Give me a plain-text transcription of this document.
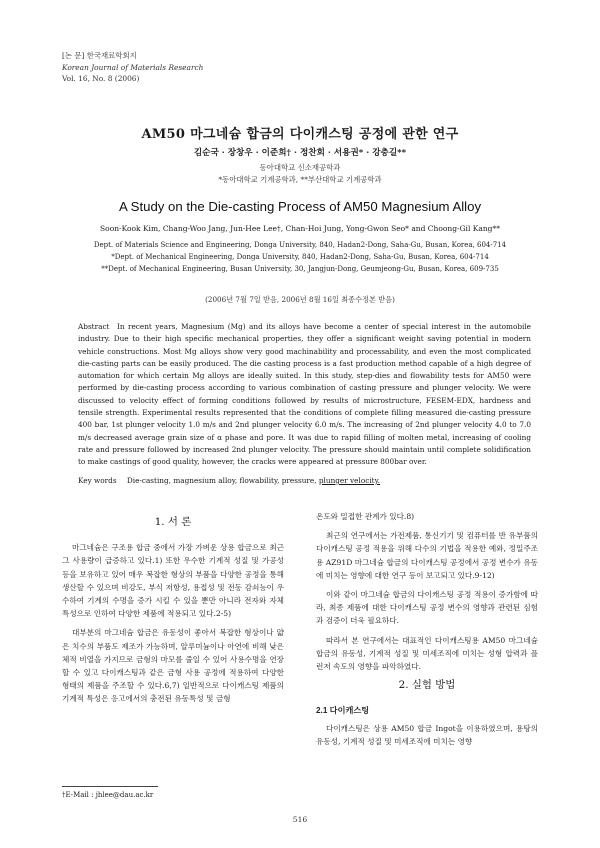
[논 문] 한국재료학회지
Korean Journal of Materials Research
Vol. 16, No. 8 (2006)
AM50 마그네슘 합금의 다이캐스팅 공정에 관한 연구
김순국 · 장창우 · 이준희† · 정찬회 · 서용권* · 강충길**
동아대학교 신소재공학과
*동아대학교 기계공학과, **부산대학교 기계공학과
A Study on the Die-casting Process of AM50 Magnesium Alloy
Soon-Kook Kim, Chang-Woo Jang, Jun-Hee Lee†, Chan-Hoi Jung, Yong-Gwon Seo* and Choong-Gil Kang**
Dept. of Materials Science and Engineering, Donga University, 840, Hadan2-Dong, Saha-Gu, Busan, Korea, 604-714
*Dept. of Mechanical Engineering, Donga University, 840, Hadan2-Dong, Saha-Gu, Busan, Korea, 604-714
**Dept. of Mechanical Engineering, Busan University, 30, Jangjun-Dong, Geumjeong-Gu, Busan, Korea, 609-735
(2006년 7월 7일 받음, 2006년 8월 16일 최종수정본 받음)
Abstract In recent years, Magnesium (Mg) and its alloys have become a center of special interest in the automobile industry. Due to their high specific mechanical properties, they offer a significant weight saving potential in modern vehicle constructions. Most Mg alloys show very good machinability and processability, and even the most complicated die-casting parts can be easily produced. The die casting process is a fast production method capable of a high degree of automation for which certain Mg alloys are ideally suited. In this study, step-dies and flowability tests for AM50 were performed by die-casting process according to various combination of casting pressure and plunger velocity. We were discussed to velocity effect of forming conditions followed by results of microstructure, FESEM-EDX, hardness and tensile strength. Experimental results represented that the conditions of complete filling measured die-casting pressure 400 bar, 1st plunger velocity 1.0 m/s and 2nd plunger velocity 6.0 m/s. The increasing of 2nd plunger velocity 4.0 to 7.0 m/s decreased average grain size of α phase and pore. It was due to rapid filling of molten metal, increasing of cooling rate and pressure followed by increased 2nd plunger velocity. The pressure should maintain until complete solidification to make castings of good quality, however, the cracks were appeared at pressure 800bar over.
Key words Die-casting, magnesium alloy, flowability, pressure, plunger velocity.
1. 서 론

마그네슘은 구조용 합금 중에서 가장 가벼운 상용 합금으로 최근 그 사용량이 급증하고 있다.1) 또한 우수한 기계적 성질 및 가공성 등을 보유하고 있어 매우 복잡한 형상의 부품을 다양한 공정을 통해 생산할 수 있으며 비강도, 부식 저항성, 용접성 및 전동 감쇠능이 우수하여 기계의 수명을 증가 시킬 수 있을 뿐만 아니라 전자와 자체특성으로 인하여 다양한 제품에 적용되고 있다.2-5)

대부분의 마그네슘 합금은 유동성이 좋아서 복잡한 형상이나 얇은 치수의 부품도 제조가 가능하며, 알루미늄이나 아연에 비해 낮은 체적 비열을 가지므로 금형의 마모를 줄일 수 있어 사용수명을 연장할 수 있고 다이캐스팅과 같은 금형 사용 공정에 적용하여 다양한 형태의 제품을 주조할 수 있다.6,7) 일반적으로 다이캐스팅 제품의 기계적 특성은 응고에서의 충전된 유동특성 및 금형

온도와 밀접한 관계가 있다.8)

최근의 연구에서는 가전제품, 통신기기 및 컴퓨터를 반 유부품의 다이캐스팅 공정 적용을 위해 다수의 기법을 적용한 예와, 정밀주조용 AZ91D 마그네슘 합금의 다이캐스팅 공정에서 공정 변수가 유동에 미치는 영향에 대한 연구 등이 보고되고 있다.9-12)

이와 같이 마그네슘 합금의 다이캐스팅 공정 적용이 증가함에 따라, 최종 제품에 대한 다이캐스팅 공정 변수의 영향과 관련된 심험과 검증이 더욱 필요하다.

따라서 본 연구에서는 대표적인 다이캐스팅용 AM50 마그네슘 합금의 유동성, 기계적 성질 및 미세조직에 미치는 성형 압력과 플런저 속도의 영향을 파악하였다.

2. 실험 방법
2.1 다이캐스팅

다이캐스팅은 상용 AM50 합금 Ingot을 이용하였으며, 용탕의 유동성, 기계적 성질 및 미세조직에 미치는 영향

†E-Mail : jhlee@dau.ac.kr
516
